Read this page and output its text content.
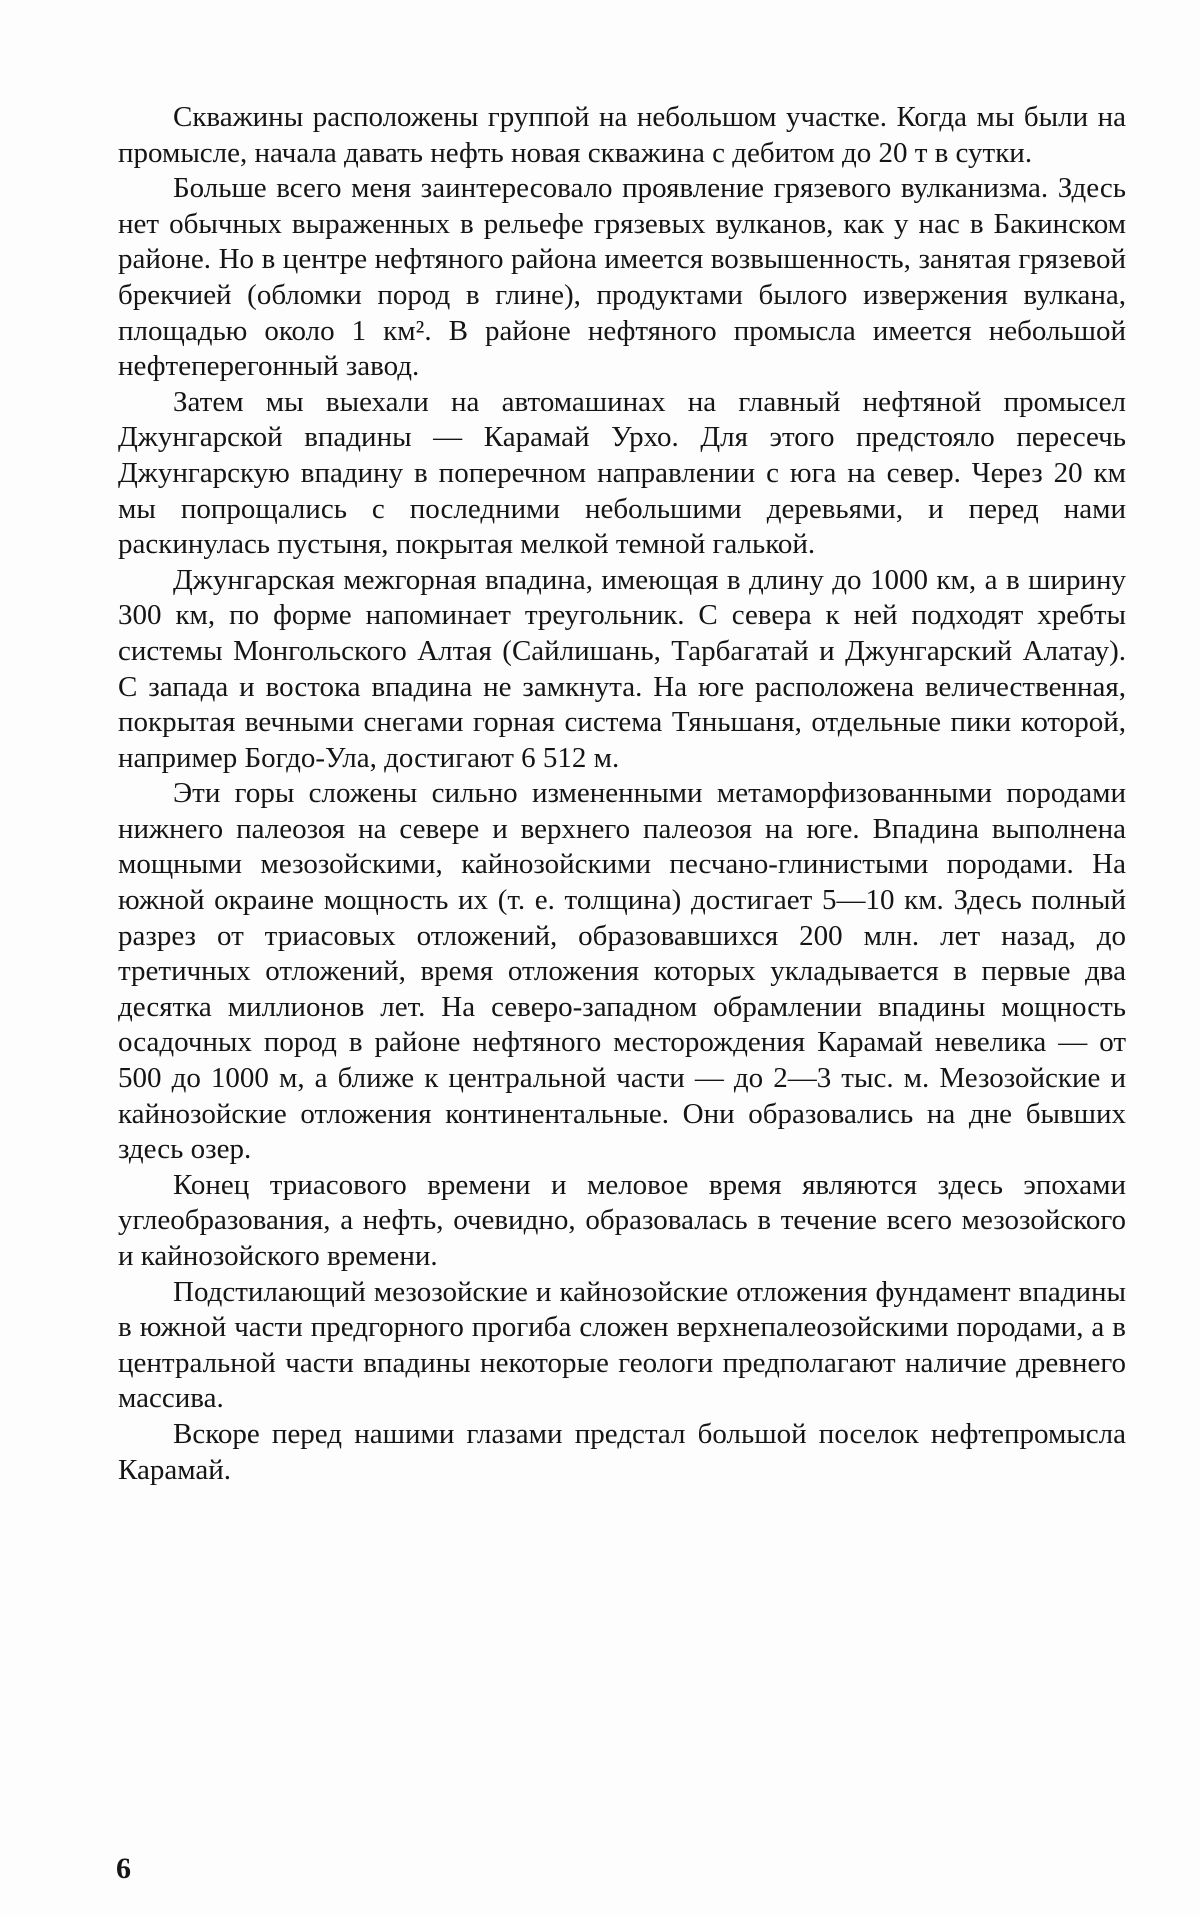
Скважины расположены группой на небольшом участке. Когда мы были на промысле, начала давать нефть новая скважина с дебитом до 20 т в сутки.

Больше всего меня заинтересовало проявление грязевого вулканизма. Здесь нет обычных выраженных в рельефе грязевых вулканов, как у нас в Бакинском районе. Но в центре нефтяного района имеется возвышенность, занятая грязевой брекчией (обломки пород в глине), продуктами былого извержения вулкана, площадью около 1 км². В районе нефтяного промысла имеется небольшой нефтеперегонный завод.

Затем мы выехали на автомашинах на главный нефтяной промысел Джунгарской впадины — Карамай Урхо. Для этого предстояло пересечь Джунгарскую впадину в поперечном направлении с юга на север. Через 20 км мы попрощались с последними небольшими деревьями, и перед нами раскинулась пустыня, покрытая мелкой темной галькой.

Джунгарская межгорная впадина, имеющая в длину до 1000 км, а в ширину 300 км, по форме напоминает треугольник. С севера к ней подходят хребты системы Монгольского Алтая (Сайлишань, Тарбагатай и Джунгарский Алатау). С запада и востока впадина не замкнута. На юге расположена величественная, покрытая вечными снегами горная система Тяньшаня, отдельные пики которой, например Богдо-Ула, достигают 6 512 м.

Эти горы сложены сильно измененными метаморфизованными породами нижнего палеозоя на севере и верхнего палеозоя на юге. Впадина выполнена мощными мезозойскими, кайнозойскими песчано-глинистыми породами. На южной окраине мощность их (т. е. толщина) достигает 5—10 км. Здесь полный разрез от триасовых отложений, образовавшихся 200 млн. лет назад, до третичных отложений, время отложения которых укладывается в первые два десятка миллионов лет. На северо-западном обрамлении впадины мощность осадочных пород в районе нефтяного месторождения Карамай невелика — от 500 до 1000 м, а ближе к центральной части — до 2—3 тыс. м. Мезозойские и кайнозойские отложения континентальные. Они образовались на дне бывших здесь озер.

Конец триасового времени и меловое время являются здесь эпохами углеобразования, а нефть, очевидно, образовалась в течение всего мезозойского и кайнозойского времени.

Подстилающий мезозойские и кайнозойские отложения фундамент впадины в южной части предгорного прогиба сложен верхнепалеозойскими породами, а в центральной части впадины некоторые геологи предполагают наличие древнего массива.

Вскоре перед нашими глазами предстал большой поселок нефтепромысла Карамай.

6
